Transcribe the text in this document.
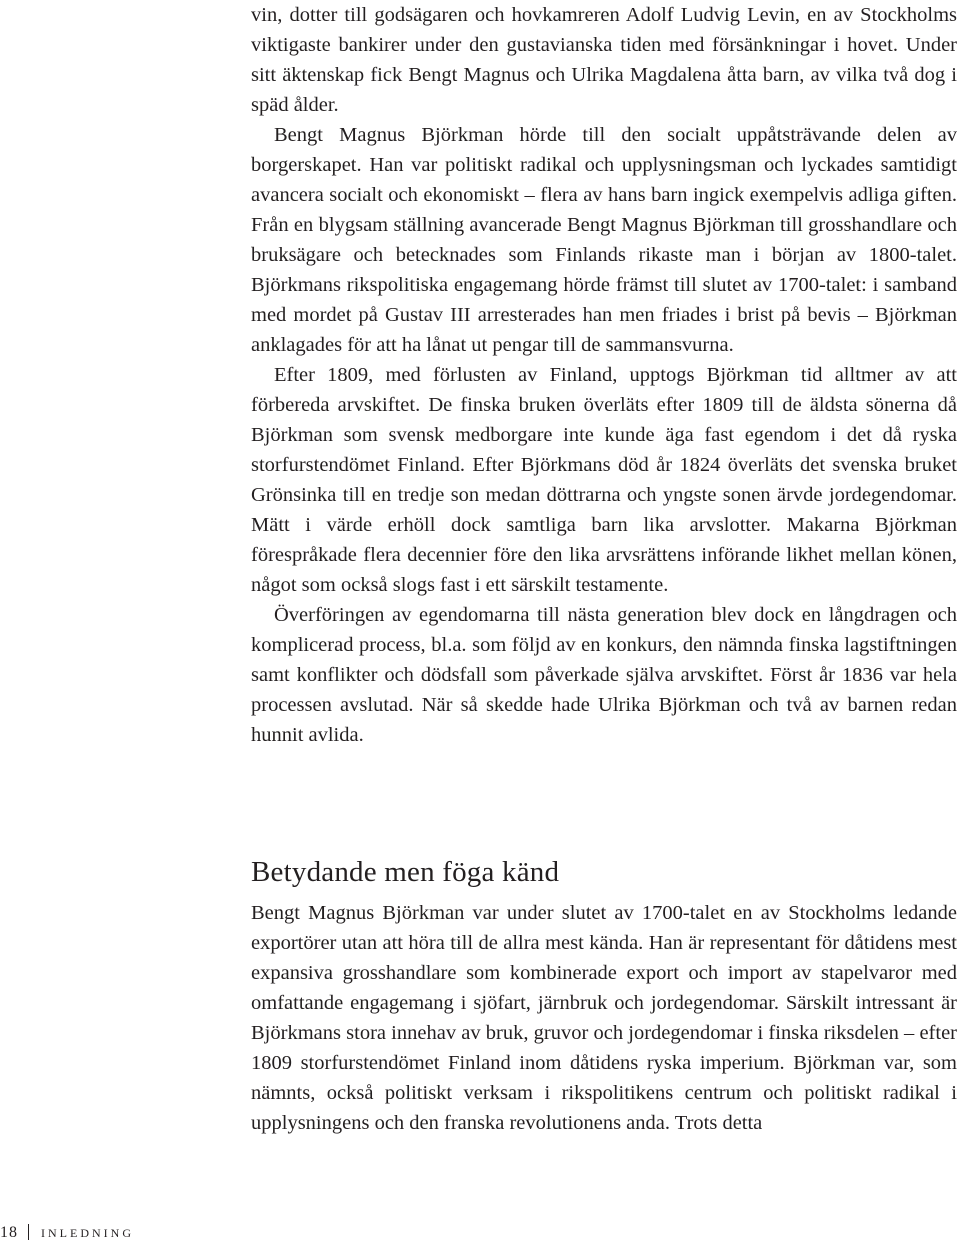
vin, dotter till godsägaren och hovkamreren Adolf Ludvig Levin, en av Stockholms viktigaste bankirer under den gustavianska tiden med försänkningar i hovet. Under sitt äktenskap fick Bengt Magnus och Ulrika Magdalena åtta barn, av vilka två dog i späd ålder.

Bengt Magnus Björkman hörde till den socialt uppåtsträvande delen av borgerskapet. Han var politiskt radikal och upplysningsman och lyckades samtidigt avancera socialt och ekonomiskt – flera av hans barn ingick exempelvis adliga giften. Från en blygsam ställning avancerade Bengt Magnus Björkman till grosshandlare och bruksägare och betecknades som Finlands rikaste man i början av 1800-talet. Björkmans rikspolitiska engagemang hörde främst till slutet av 1700-talet: i samband med mordet på Gustav III arresterades han men friades i brist på bevis – Björkman anklagades för att ha lånat ut pengar till de sammansvurna.

Efter 1809, med förlusten av Finland, upptogs Björkman tid alltmer av att förbereda arvskiftet. De finska bruken överläts efter 1809 till de äldsta sönerna då Björkman som svensk medborgare inte kunde äga fast egendom i det då ryska storfurstendömet Finland. Efter Björkmans död år 1824 överläts det svenska bruket Grönsinka till en tredje son medan döttrarna och yngste sonen ärvde jordegendomar. Mätt i värde erhöll dock samtliga barn lika arvslotter. Makarna Björkman förespråkade flera decennier före den lika arvsrättens införande likhet mellan könen, något som också slogs fast i ett särskilt testamente.

Överföringen av egendomarna till nästa generation blev dock en långdragen och komplicerad process, bl.a. som följd av en konkurs, den nämnda finska lagstiftningen samt konflikter och dödsfall som påverkade själva arvskiftet. Först år 1836 var hela processen avslutad. När så skedde hade Ulrika Björkman och två av barnen redan hunnit avlida.

Betydande men föga känd

Bengt Magnus Björkman var under slutet av 1700-talet en av Stockholms ledande exportörer utan att höra till de allra mest kända. Han är representant för dåtidens mest expansiva grosshandlare som kombinerade export och import av stapelvaror med omfattande engagemang i sjöfart, järnbruk och jordegendomar. Särskilt intressant är Björkmans stora innehav av bruk, gruvor och jordegendomar i finska riksdelen – efter 1809 storfurstendömet Finland inom dåtidens ryska imperium. Björkman var, som nämnts, också politiskt verksam i rikspolitikens centrum och politiskt radikal i upplysningens och den franska revolutionens anda. Trots detta

18 inledning
